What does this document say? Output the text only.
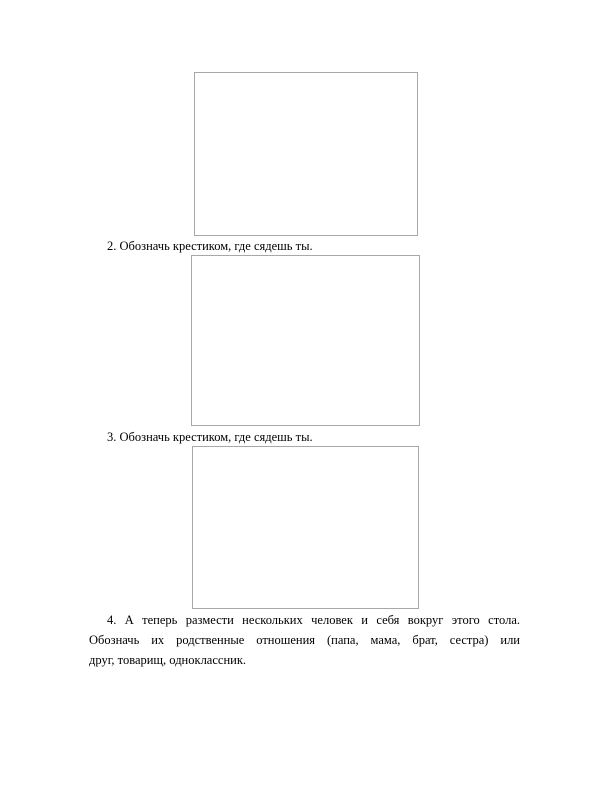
2. Обозначь крестиком, где сядешь ты.
3. Обозначь крестиком, где сядешь ты.
4. А теперь размести нескольких человек и себя вокруг этого стола.
Обозначь их родственные отношения (папа, мама, брат, сестра) или
друг, товарищ, одноклассник.
